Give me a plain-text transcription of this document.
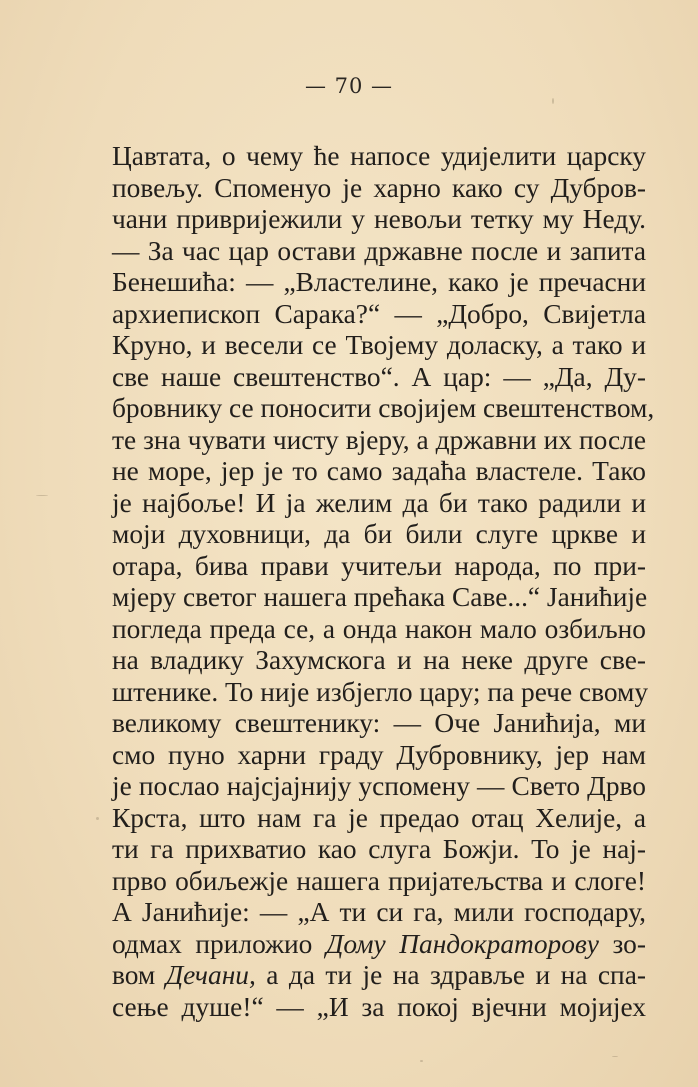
— 70 —
Цавтата, о чему ће напосе удијелити царску
повељу. Споменуо је харно како су Дубров-
чани привријежили у невољи тетку му Неду.
— За час цар остави државне после и запита
Бенешића: — „Властелине, како је пречасни
архиепископ Сарака?“ — „Добро, Свијетла
Круно, и весели се Твојему доласку, а тако и
све наше свештенство“. А цар: — „Да, Ду-
бровнику се поносити својијем свештенством,
те зна чувати чисту вјеру, а државни их после
не море, јер је то само задаћа властеле. Тако
је најбоље! И ја желим да би тако радили и
моји духовници, да би били слуге цркве и
отара, бива прави учитељи народа, по при-
мјеру светог нашега прећака Саве...“ Јанићије
погледа преда се, а онда након мало озбиљно
на владику Захумскога и на неке друге све-
штенике. То није избјегло цару; па рече свому
великому свештенику: — Оче Јанићија, ми
смо пуно харни граду Дубровнику, јер нам
је послао најсјајнију успомену — Свето Дрво
Крста, што нам га је предао отац Хелије, а
ти га прихватио као слуга Божји. То је нај-
прво обиљежје нашега пријатељства и слоге!
А Јанићије: — „А ти си га, мили господару,
одмах приложио Дому Пандократорову зо-
вом Дечани, а да ти је на здравље и на спа-
сење душе!“ — „И за покој вјечни мојијех
